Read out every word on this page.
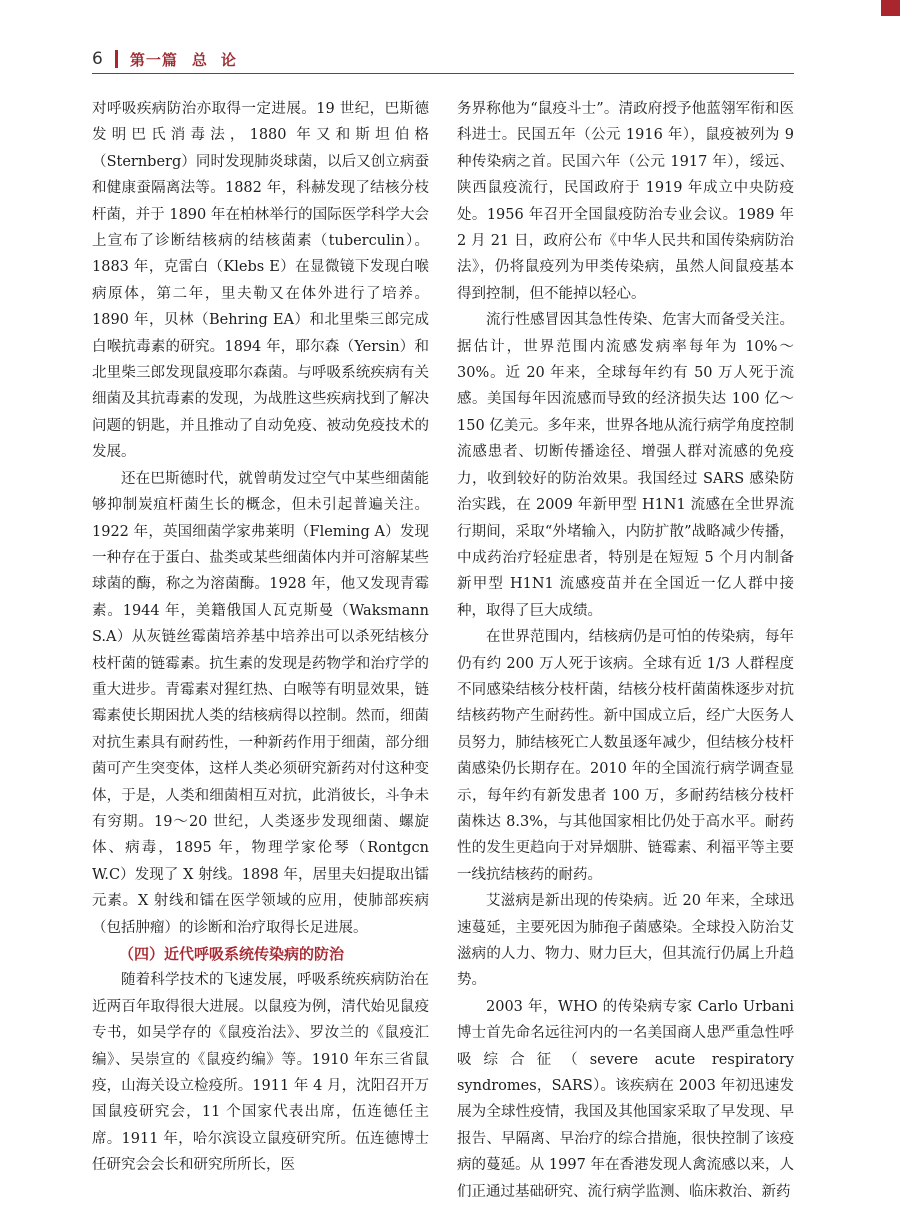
6 第一篇 总论

对呼吸疾病防治亦取得一定进展。19 世纪，巴斯德发明巴氏消毒法，1880 年又和斯坦伯格（Sternberg）同时发现肺炎球菌，以后又创立病蚕和健康蚕隔离法等。1882 年，科赫发现了结核分枝杆菌，并于 1890 年在柏林举行的国际医学科学大会上宣布了诊断结核病的结核菌素（tuberculin）。1883 年，克雷白（Klebs E）在显微镜下发现白喉病原体，第二年，里夫勒又在体外进行了培养。1890 年，贝林（Behring EA）和北里柴三郎完成白喉抗毒素的研究。1894 年，耶尔森（Yersin）和北里柴三郎发现鼠疫耶尔森菌。与呼吸系统疾病有关细菌及其抗毒素的发现，为战胜这些疾病找到了解决问题的钥匙，并且推动了自动免疫、被动免疫技术的发展。

还在巴斯德时代，就曾萌发过空气中某些细菌能够抑制炭疽杆菌生长的概念，但未引起普遍关注。1922 年，英国细菌学家弗莱明（Fleming A）发现一种存在于蛋白、盐类或某些细菌体内并可溶解某些球菌的酶，称之为溶菌酶。1928 年，他又发现青霉素。1944 年，美籍俄国人瓦克斯曼（Waksmann S.A）从灰链丝霉菌培养基中培养出可以杀死结核分枝杆菌的链霉素。抗生素的发现是药物学和治疗学的重大进步。青霉素对猩红热、白喉等有明显效果，链霉素使长期困扰人类的结核病得以控制。然而，细菌对抗生素具有耐药性，一种新药作用于细菌，部分细菌可产生突变体，这样人类必须研究新药对付这种变体，于是，人类和细菌相互对抗，此消彼长，斗争未有穷期。19～20 世纪，人类逐步发现细菌、螺旋体、病毒，1895 年，物理学家伦琴（Rontgcn W.C）发现了 X 射线。1898 年，居里夫妇提取出镭元素。X 射线和镭在医学领域的应用，使肺部疾病（包括肿瘤）的诊断和治疗取得长足进展。

（四）近代呼吸系统传染病的防治

随着科学技术的飞速发展，呼吸系统疾病防治在近两百年取得很大进展。以鼠疫为例，清代始见鼠疫专书，如吴学存的《鼠疫治法》、罗汝兰的《鼠疫汇编》、吴崇宣的《鼠疫约编》等。1910 年东三省鼠疫，山海关设立检疫所。1911 年 4 月，沈阳召开万国鼠疫研究会，11 个国家代表出席，伍连德任主席。1911 年，哈尔滨设立鼠疫研究所。伍连德博士任研究会会长和研究所所长，医

务界称他为“鼠疫斗士”。清政府授予他蓝翎军衔和医科进士。民国五年（公元 1916 年），鼠疫被列为 9 种传染病之首。民国六年（公元 1917 年），绥远、陕西鼠疫流行，民国政府于 1919 年成立中央防疫处。1956 年召开全国鼠疫防治专业会议。1989 年 2 月 21 日，政府公布《中华人民共和国传染病防治法》，仍将鼠疫列为甲类传染病，虽然人间鼠疫基本得到控制，但不能掉以轻心。

流行性感冒因其急性传染、危害大而备受关注。据估计，世界范围内流感发病率每年为 10%～30%。近 20 年来，全球每年约有 50 万人死于流感。美国每年因流感而导致的经济损失达 100 亿～150 亿美元。多年来，世界各地从流行病学角度控制流感患者、切断传播途径、增强人群对流感的免疫力，收到较好的防治效果。我国经过 SARS 感染防治实践，在 2009 年新甲型 H1N1 流感在全世界流行期间，采取“外堵输入，内防扩散”战略减少传播，中成药治疗轻症患者，特别是在短短 5 个月内制备新甲型 H1N1 流感疫苗并在全国近一亿人群中接种，取得了巨大成绩。

在世界范围内，结核病仍是可怕的传染病，每年仍有约 200 万人死于该病。全球有近 1/3 人群程度不同感染结核分枝杆菌，结核分枝杆菌菌株逐步对抗结核药物产生耐药性。新中国成立后，经广大医务人员努力，肺结核死亡人数虽逐年减少，但结核分枝杆菌感染仍长期存在。2010 年的全国流行病学调查显示，每年约有新发患者 100 万，多耐药结核分枝杆菌株达 8.3%，与其他国家相比仍处于高水平。耐药性的发生更趋向于对异烟肼、链霉素、利福平等主要一线抗结核药的耐药。

艾滋病是新出现的传染病。近 20 年来，全球迅速蔓延，主要死因为肺孢子菌感染。全球投入防治艾滋病的人力、物力、财力巨大，但其流行仍属上升趋势。

2003 年，WHO 的传染病专家 Carlo Urbani 博士首先命名远往河内的一名美国商人患严重急性呼吸综合征（severe acute respiratory syndromes，SARS）。该疾病在 2003 年初迅速发展为全球性疫情，我国及其他国家采取了早发现、早报告、早隔离、早治疗的综合措施，很快控制了该疫病的蔓延。从 1997 年在香港发现人禽流感以来，人们正通过基础研究、流行病学监测、临床救治、新药
